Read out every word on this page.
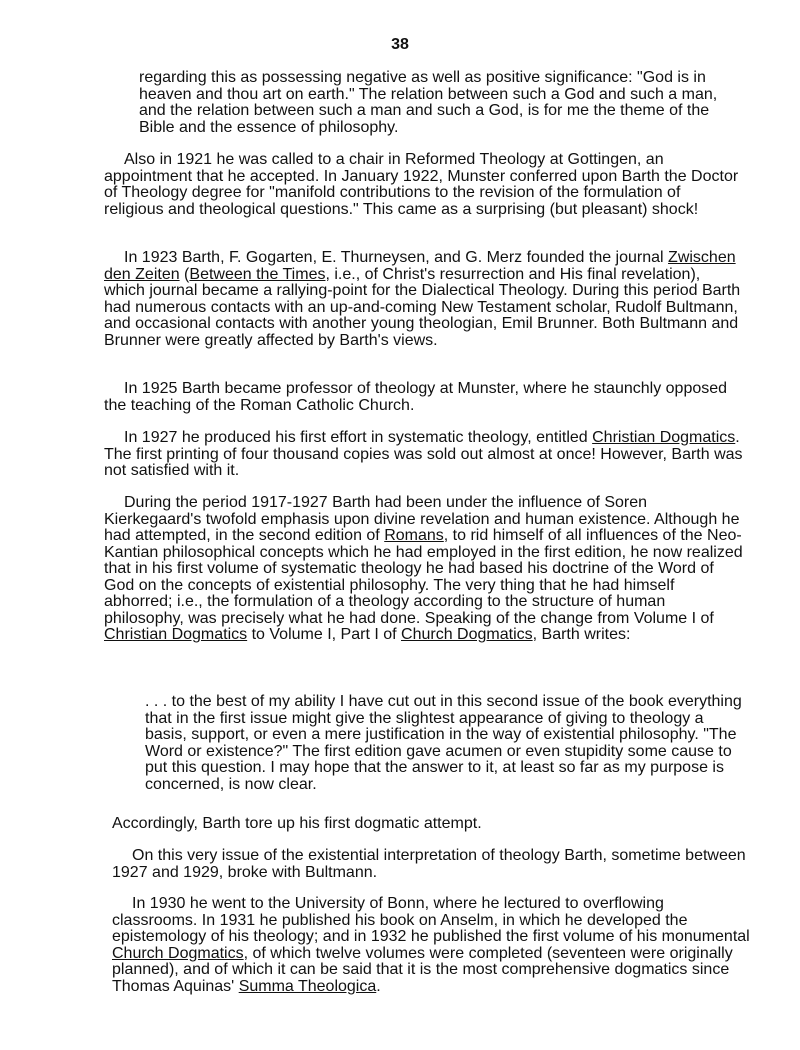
38

regarding this as possessing negative as well as positive significance: "God is in heaven and thou art on earth." The relation between such a God and such a man, and the relation between such a man and such a God, is for me the theme of the Bible and the essence of philosophy.

Also in 1921 he was called to a chair in Reformed Theology at Gottingen, an appointment that he accepted. In January 1922, Munster conferred upon Barth the Doctor of Theology degree for "manifold contributions to the revision of the formulation of religious and theological questions." This came as a surprising (but pleasant) shock!

In 1923 Barth, F. Gogarten, E. Thurneysen, and G. Merz founded the journal Zwischen den Zeiten (Between the Times, i.e., of Christ's resurrection and His final revelation), which journal became a rallying-point for the Dialectical Theology. During this period Barth had numerous contacts with an up-and-coming New Testament scholar, Rudolf Bultmann, and occasional contacts with another young theologian, Emil Brunner. Both Bultmann and Brunner were greatly affected by Barth's views.

In 1925 Barth became professor of theology at Munster, where he staunchly opposed the teaching of the Roman Catholic Church.

In 1927 he produced his first effort in systematic theology, entitled Christian Dogmatics. The first printing of four thousand copies was sold out almost at once! However, Barth was not satisfied with it.

During the period 1917-1927 Barth had been under the influence of Soren Kierkegaard's twofold emphasis upon divine revelation and human existence. Although he had attempted, in the second edition of Romans, to rid himself of all influences of the Neo-Kantian philosophical concepts which he had employed in the first edition, he now realized that in his first volume of systematic theology he had based his doctrine of the Word of God on the concepts of existential philosophy. The very thing that he had himself abhorred; i.e., the formulation of a theology according to the structure of human philosophy, was precisely what he had done. Speaking of the change from Volume I of Christian Dogmatics to Volume I, Part I of Church Dogmatics, Barth writes:

. . . to the best of my ability I have cut out in this second issue of the book everything that in the first issue might give the slightest appearance of giving to theology a basis, support, or even a mere justification in the way of existential philosophy. "The Word or existence?" The first edition gave acumen or even stupidity some cause to put this question. I may hope that the answer to it, at least so far as my purpose is concerned, is now clear.

Accordingly, Barth tore up his first dogmatic attempt.

On this very issue of the existential interpretation of theology Barth, sometime between 1927 and 1929, broke with Bultmann.

In 1930 he went to the University of Bonn, where he lectured to overflowing classrooms. In 1931 he published his book on Anselm, in which he developed the epistemology of his theology; and in 1932 he published the first volume of his monumental Church Dogmatics, of which twelve volumes were completed (seventeen were originally planned), and of which it can be said that it is the most comprehensive dogmatics since Thomas Aquinas' Summa Theologica.
